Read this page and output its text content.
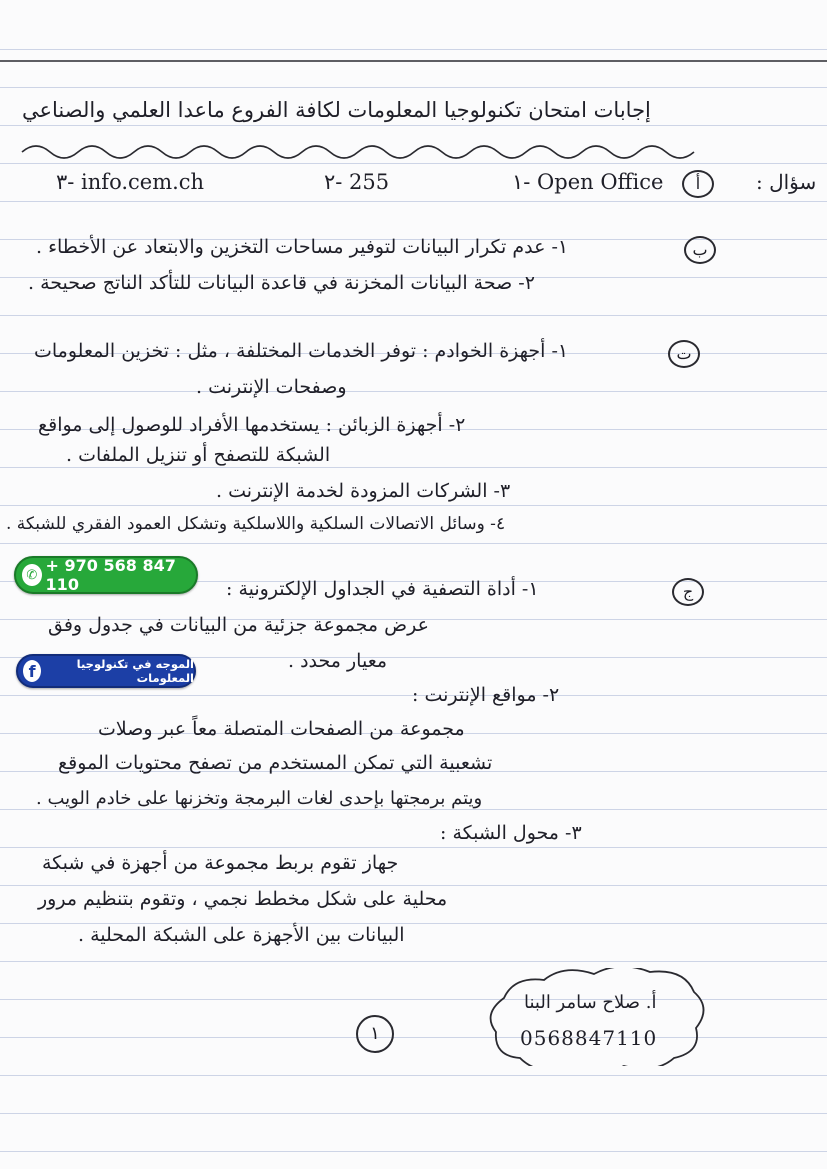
إجابات امتحان تكنولوجيا المعلومات لكافة الفروع ماعدا العلمي والصناعي
سؤال :
أ
١- Open Office
٢- 255
٣- info.cem.ch
ب
١- عدم تكرار البيانات لتوفير مساحات التخزين والابتعاد عن الأخطاء .
٢- صحة البيانات المخزنة في قاعدة البيانات للتأكد الناتج صحيحة .
ت
١- أجهزة الخوادم : توفر الخدمات المختلفة ، مثل : تخزين المعلومات
وصفحات الإنترنت .
٢- أجهزة الزبائن : يستخدمها الأفراد للوصول إلى مواقع
الشبكة للتصفح أو تنزيل الملفات .
٣- الشركات المزودة لخدمة الإنترنت .
٤- وسائل الاتصالات السلكية واللاسلكية وتشكل العمود الفقري للشبكة .
ج
١- أداة التصفية في الجداول الإلكترونية :
عرض مجموعة جزئية من البيانات في جدول وفق
معيار محدد .
٢- مواقع الإنترنت :
مجموعة من الصفحات المتصلة معاً عبر وصلات
تشعبية التي تمكن المستخدم من تصفح محتويات الموقع
ويتم برمجتها بإحدى لغات البرمجة وتخزنها على خادم الويب .
٣- محول الشبكة :
جهاز تقوم بربط مجموعة من أجهزة في شبكة
محلية على شكل مخطط نجمي ، وتقوم بتنظيم مرور
البيانات بين الأجهزة على الشبكة المحلية .
✆ + 970 568 847 110
f	الموجه في تكنولوجيا المعلومات
أ. صلاح سامر البنا
0568847110
١
